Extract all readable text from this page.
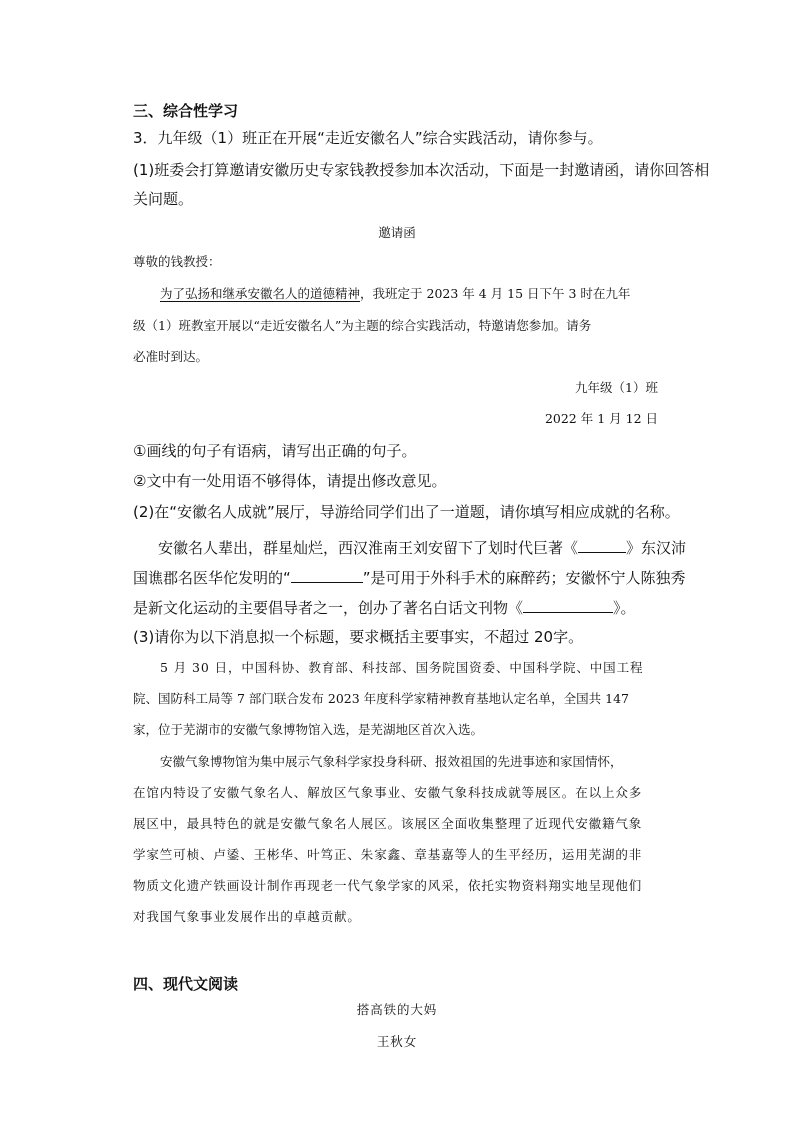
三、综合性学习
3．九年级（1）班正在开展“走近安徽名人”综合实践活动，请你参与。
(1)班委会打算邀请安徽历史专家钱教授参加本次活动，下面是一封邀请函，请你回答相
关问题。
邀请函
尊敬的钱教授：
为了弘扬和继承安徽名人的道德精神，我班定于 2023 年 4 月 15 日下午 3 时在九年
级（1）班教室开展以“走近安徽名人”为主题的综合实践活动，特邀请您参加。请务
必准时到达。
九年级（1）班
2022 年 1 月 12 日
①画线的句子有语病，请写出正确的句子。
②文中有一处用语不够得体，请提出修改意见。
(2)在“安徽名人成就”展厅，导游给同学们出了一道题，请你填写相应成就的名称。
安徽名人辈出，群星灿烂，西汉淮南王刘安留下了划时代巨著《	》东汉沛
国谯郡名医华佗发明的“	”是可用于外科手术的麻醉药；安徽怀宁人陈独秀
是新文化运动的主要倡导者之一，创办了著名白话文刊物《	》。
(3)请你为以下消息拟一个标题，要求概括主要事实，不超过 20字。
5 月 30 日，中国科协、教育部、科技部、国务院国资委、中国科学院、中国工程
院、国防科工局等 7 部门联合发布 2023 年度科学家精神教育基地认定名单，全国共 147
家，位于芜湖市的安徽气象博物馆入选，是芜湖地区首次入选。
安徽气象博物馆为集中展示气象科学家投身科研、报效祖国的先进事迹和家国情怀，
在馆内特设了安徽气象名人、解放区气象事业、安徽气象科技成就等展区。在以上众多
展区中，最具特色的就是安徽气象名人展区。该展区全面收集整理了近现代安徽籍气象
学家竺可桢、卢鋈、王彬华、叶笃正、朱家鑫、章基嘉等人的生平经历，运用芜湖的非
物质文化遗产铁画设计制作再现老一代气象学家的风采，依托实物资料翔实地呈现他们
对我国气象事业发展作出的卓越贡献。
四、现代文阅读
搭高铁的大妈
王秋女
